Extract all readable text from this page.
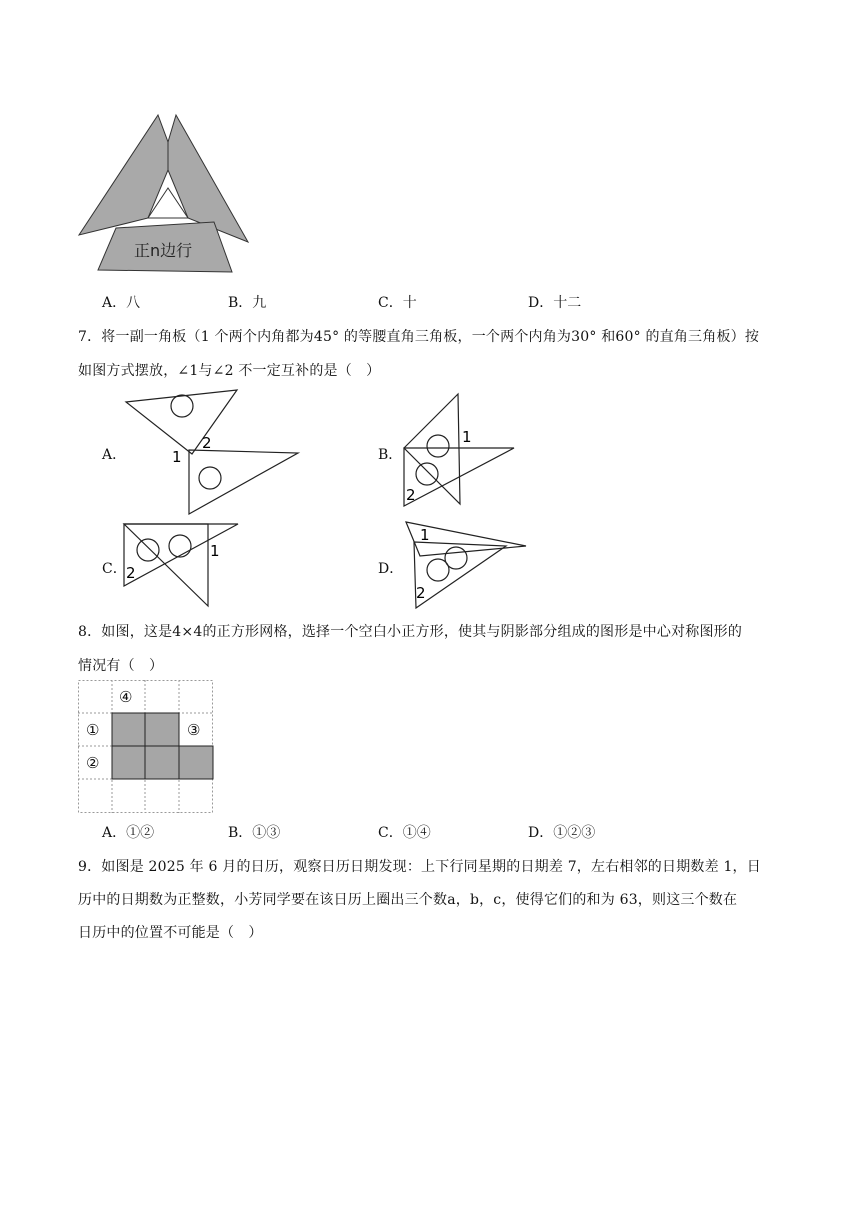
正n边行
A．八	B．九	C．十	D．十二
7．将一副一角板（1 个两个内角都为45° 的等腰直角三角板，一个两个内角为30° 和60° 的直角三角板）按
如图方式摆放，∠1与∠2 不一定互补的是（　）
A．
2
1	B．
1
2
C．
1
2	D．
1
2
8．如图，这是4×4的正方形网格，选择一个空白小正方形，使其与阴影部分组成的图形是中心对称图形的
情况有（　）
④
①	③
②
A．①②	B．①③	C．①④	D．①②③
9．如图是 2025 年 6 月的日历，观察日历日期发现：上下行同星期的日期差 7，左右相邻的日期数差 1，日
历中的日期数为正整数，小芳同学要在该日历上圈出三个数a，b，c，使得它们的和为 63，则这三个数在
日历中的位置不可能是（　）
